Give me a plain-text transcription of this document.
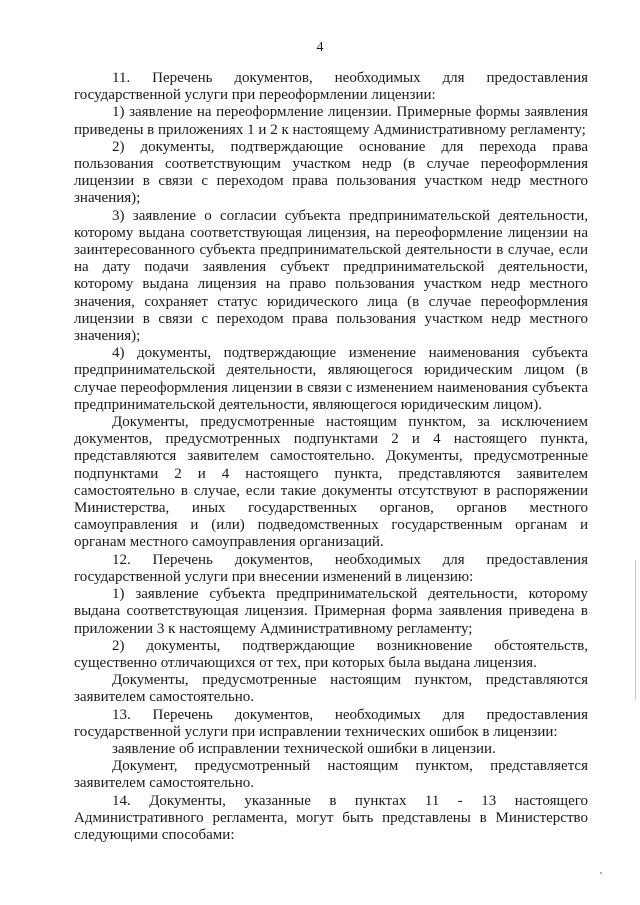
4

11. Перечень документов, необходимых для предоставления государственной услуги при переоформлении лицензии:

1) заявление на переоформление лицензии. Примерные формы заявления приведены в приложениях 1 и 2 к настоящему Административному регламенту;

2) документы, подтверждающие основание для перехода права пользования соответствующим участком недр (в случае переоформления лицензии в связи с переходом права пользования участком недр местного значения);

3) заявление о согласии субъекта предпринимательской деятельности, которому выдана соответствующая лицензия, на переоформление лицензии на заинтересованного субъекта предпринимательской деятельности в случае, если на дату подачи заявления субъект предпринимательской деятельности, которому выдана лицензия на право пользования участком недр местного значения, сохраняет статус юридического лица (в случае переоформления лицензии в связи с переходом права пользования участком недр местного значения);

4) документы, подтверждающие изменение наименования субъекта предпринимательской деятельности, являющегося юридическим лицом (в случае переоформления лицензии в связи с изменением наименования субъекта предпринимательской деятельности, являющегося юридическим лицом).

Документы, предусмотренные настоящим пунктом, за исключением документов, предусмотренных подпунктами 2 и 4 настоящего пункта, представляются заявителем самостоятельно. Документы, предусмотренные подпунктами 2 и 4 настоящего пункта, представляются заявителем самостоятельно в случае, если такие документы отсутствуют в распоряжении Министерства, иных государственных органов, органов местного самоуправления и (или) подведомственных государственным органам и органам местного самоуправления организаций.

12. Перечень документов, необходимых для предоставления государственной услуги при внесении изменений в лицензию:

1) заявление субъекта предпринимательской деятельности, которому выдана соответствующая лицензия. Примерная форма заявления приведена в приложении 3 к настоящему Административному регламенту;

2) документы, подтверждающие возникновение обстоятельств, существенно отличающихся от тех, при которых была выдана лицензия.

Документы, предусмотренные настоящим пунктом, представляются заявителем самостоятельно.

13. Перечень документов, необходимых для предоставления государственной услуги при исправлении технических ошибок в лицензии:

заявление об исправлении технической ошибки в лицензии.

Документ, предусмотренный настоящим пунктом, представляется заявителем самостоятельно.

14. Документы, указанные в пунктах 11 - 13 настоящего Административного регламента, могут быть представлены в Министерство следующими способами:
